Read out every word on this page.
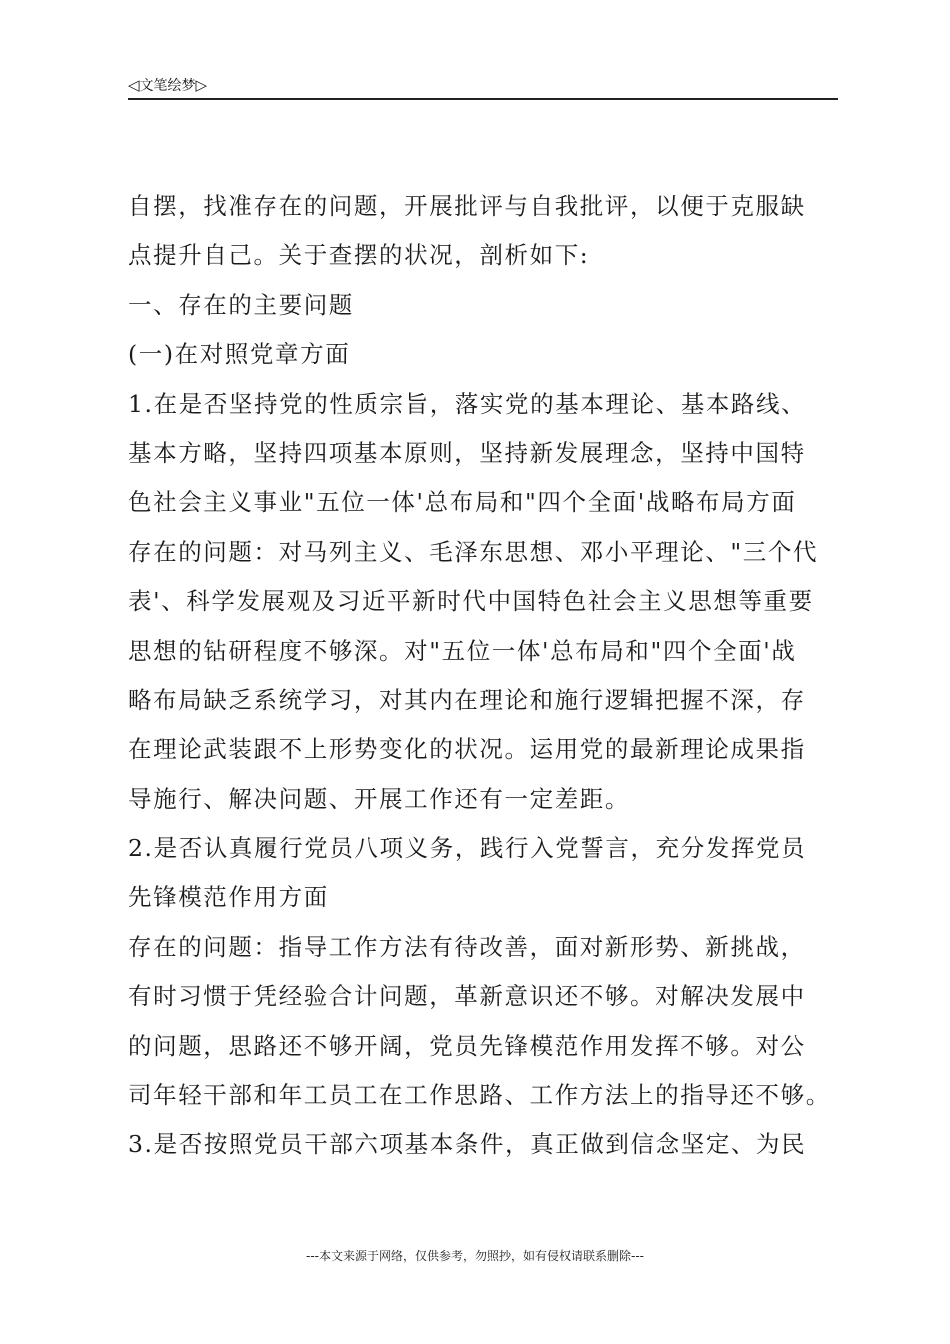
◁文笔绘梦▷
自摆，找准存在的问题，开展批评与自我批评，以便于克服缺
点提升自己。关于查摆的状况，剖析如下:
一、存在的主要问题
(一)在对照党章方面
1.在是否坚持党的性质宗旨，落实党的基本理论、基本路线、
基本方略，坚持四项基本原则，坚持新发展理念，坚持中国特
色社会主义事业"五位一体'总布局和"四个全面'战略布局方面
存在的问题：对马列主义、毛泽东思想、邓小平理论、"三个代
表'、科学发展观及习近平新时代中国特色社会主义思想等重要
思想的钻研程度不够深。对"五位一体'总布局和"四个全面'战
略布局缺乏系统学习，对其内在理论和施行逻辑把握不深，存
在理论武装跟不上形势变化的状况。运用党的最新理论成果指
导施行、解决问题、开展工作还有一定差距。
2.是否认真履行党员八项义务，践行入党誓言，充分发挥党员
先锋模范作用方面
存在的问题：指导工作方法有待改善，面对新形势、新挑战，
有时习惯于凭经验合计问题，革新意识还不够。对解决发展中
的问题，思路还不够开阔，党员先锋模范作用发挥不够。对公
司年轻干部和年工员工在工作思路、工作方法上的指导还不够。
3.是否按照党员干部六项基本条件，真正做到信念坚定、为民
---本文来源于网络，仅供参考，勿照抄，如有侵权请联系删除---
